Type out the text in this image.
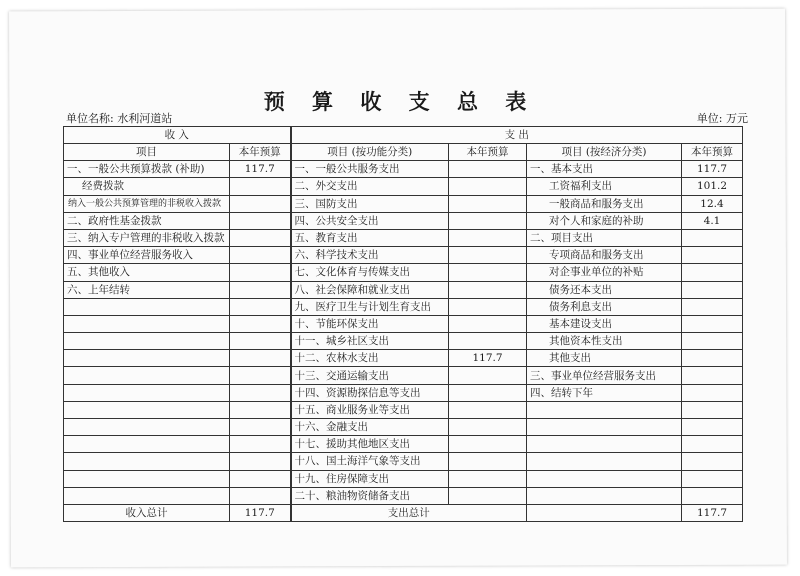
预 算 收 支 总 表
单位名称: 水利河道站	单位: 万元
收 入		支 出			
项目	本年预算	项目 (按功能分类)	本年预算	项目 (按经济分类)	本年预算
一、一般公共预算拨款 (补助)	117.7	一、一般公共服务支出		一、基本支出	117.7
经费拨款		二、外交支出		工资福利支出	101.2
纳入一般公共预算管理的非税收入拨款		三、国防支出		一般商品和服务支出	12.4
二、政府性基金拨款		四、公共安全支出		对个人和家庭的补助	4.1
三、纳入专户管理的非税收入拨款		五、教育支出		二、项目支出	
四、事业单位经营服务收入		六、科学技术支出		专项商品和服务支出	
五、其他收入		七、文化体育与传媒支出		对企事业单位的补贴	
六、上年结转		八、社会保障和就业支出		债务还本支出	
		九、医疗卫生与计划生育支出		债务利息支出	
		十、节能环保支出		基本建设支出	
		十一、城乡社区支出		其他资本性支出	
		十二、农林水支出	117.7	其他支出	
		十三、交通运输支出		三、事业单位经营服务支出	
		十四、资源勘探信息等支出		四、结转下年	
		十五、商业服务业等支出			
		十六、金融支出			
		十七、援助其他地区支出			
		十八、国土海洋气象等支出			
		十九、住房保障支出			
		二十、粮油物资储备支出			
收入总计	117.7	支出总计			117.7
